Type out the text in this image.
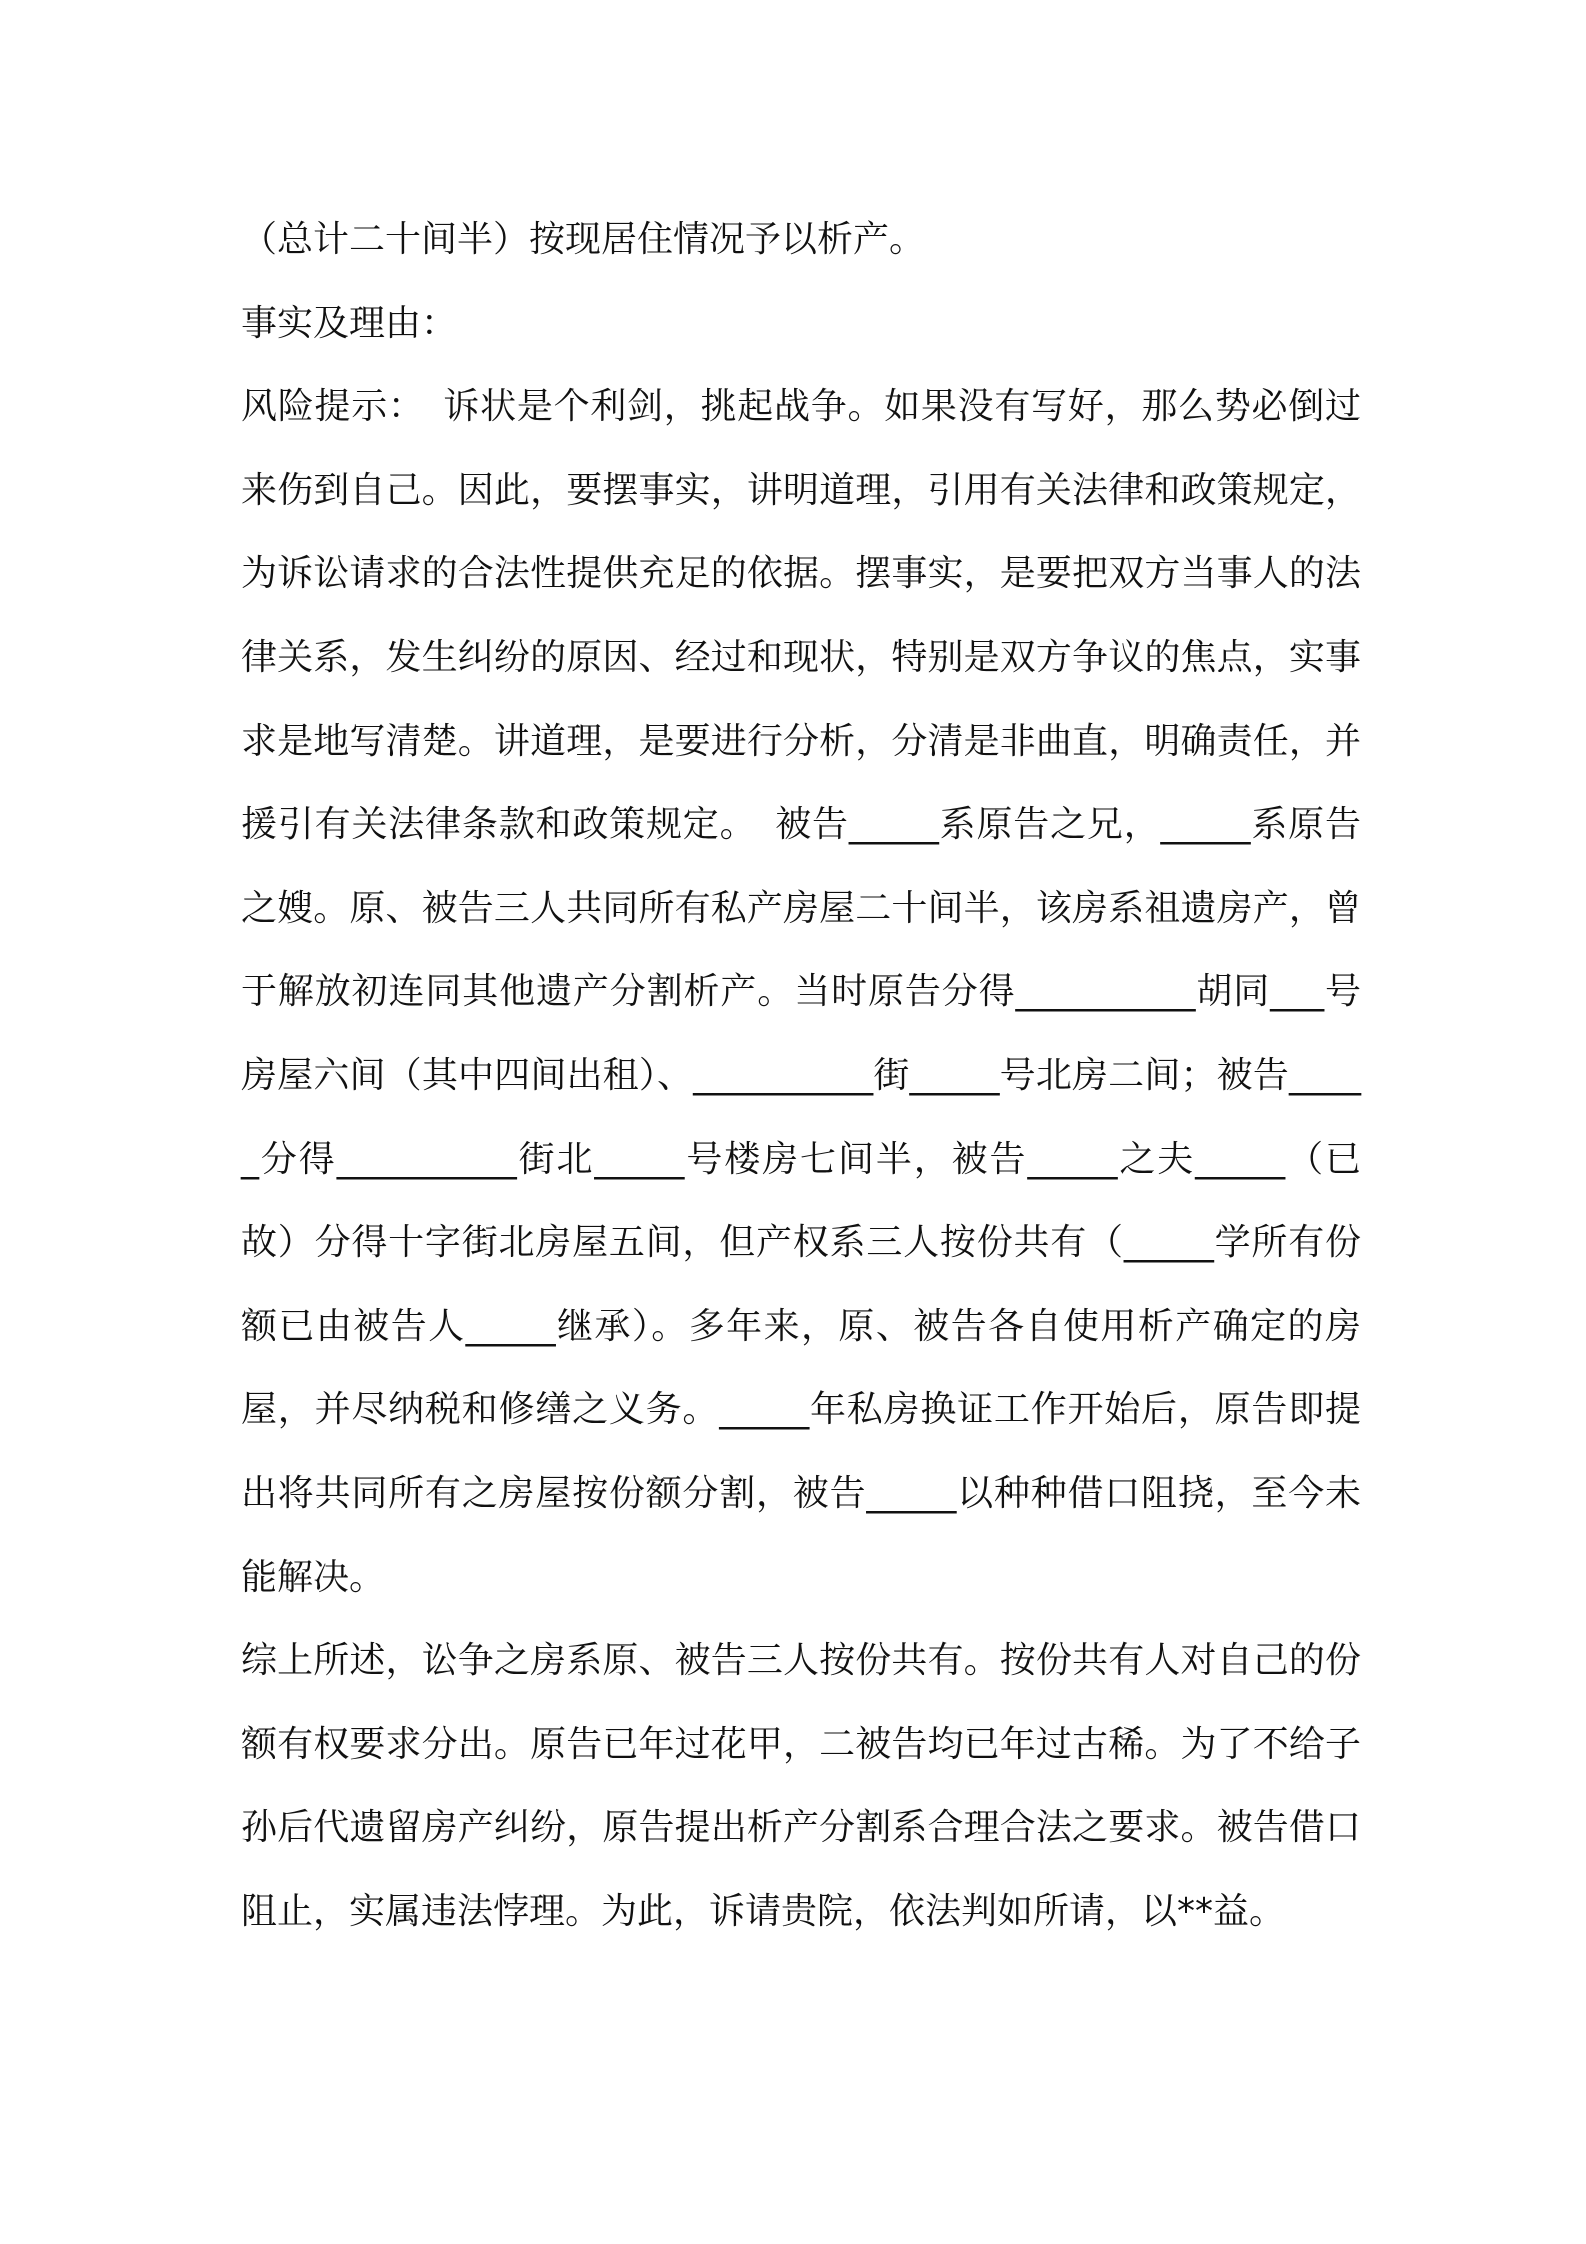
（总计二十间半）按现居住情况予以析产。

事实及理由：

风险提示：　诉状是个利剑，挑起战争。如果没有写好，那么势必倒过来伤到自己。因此，要摆事实，讲明道理，引用有关法律和政策规定，为诉讼请求的合法性提供充足的依据。摆事实，是要把双方当事人的法律关系，发生纠纷的原因、经过和现状，特别是双方争议的焦点，实事求是地写清楚。讲道理，是要进行分析，分清是非曲直，明确责任，并援引有关法律条款和政策规定。　被告_____系原告之兄，_____系原告之嫂。原、被告三人共同所有私产房屋二十间半，该房系祖遗房产，曾于解放初连同其他遗产分割析产。当时原告分得__________胡同___号房屋六间（其中四间出租）、__________街_____号北房二间；被告_____分得__________街北_____号楼房七间半，被告_____之夫_____（已故）分得十字街北房屋五间，但产权系三人按份共有（_____学所有份额已由被告人_____继承）。多年来，原、被告各自使用析产确定的房屋，并尽纳税和修缮之义务。_____年私房换证工作开始后，原告即提出将共同所有之房屋按份额分割，被告_____以种种借口阻挠，至今未能解决。

综上所述，讼争之房系原、被告三人按份共有。按份共有人对自己的份额有权要求分出。原告已年过花甲，二被告均已年过古稀。为了不给子孙后代遗留房产纠纷，原告提出析产分割系合理合法之要求。被告借口阻止，实属违法悖理。为此，诉请贵院，依法判如所请，以**益。
